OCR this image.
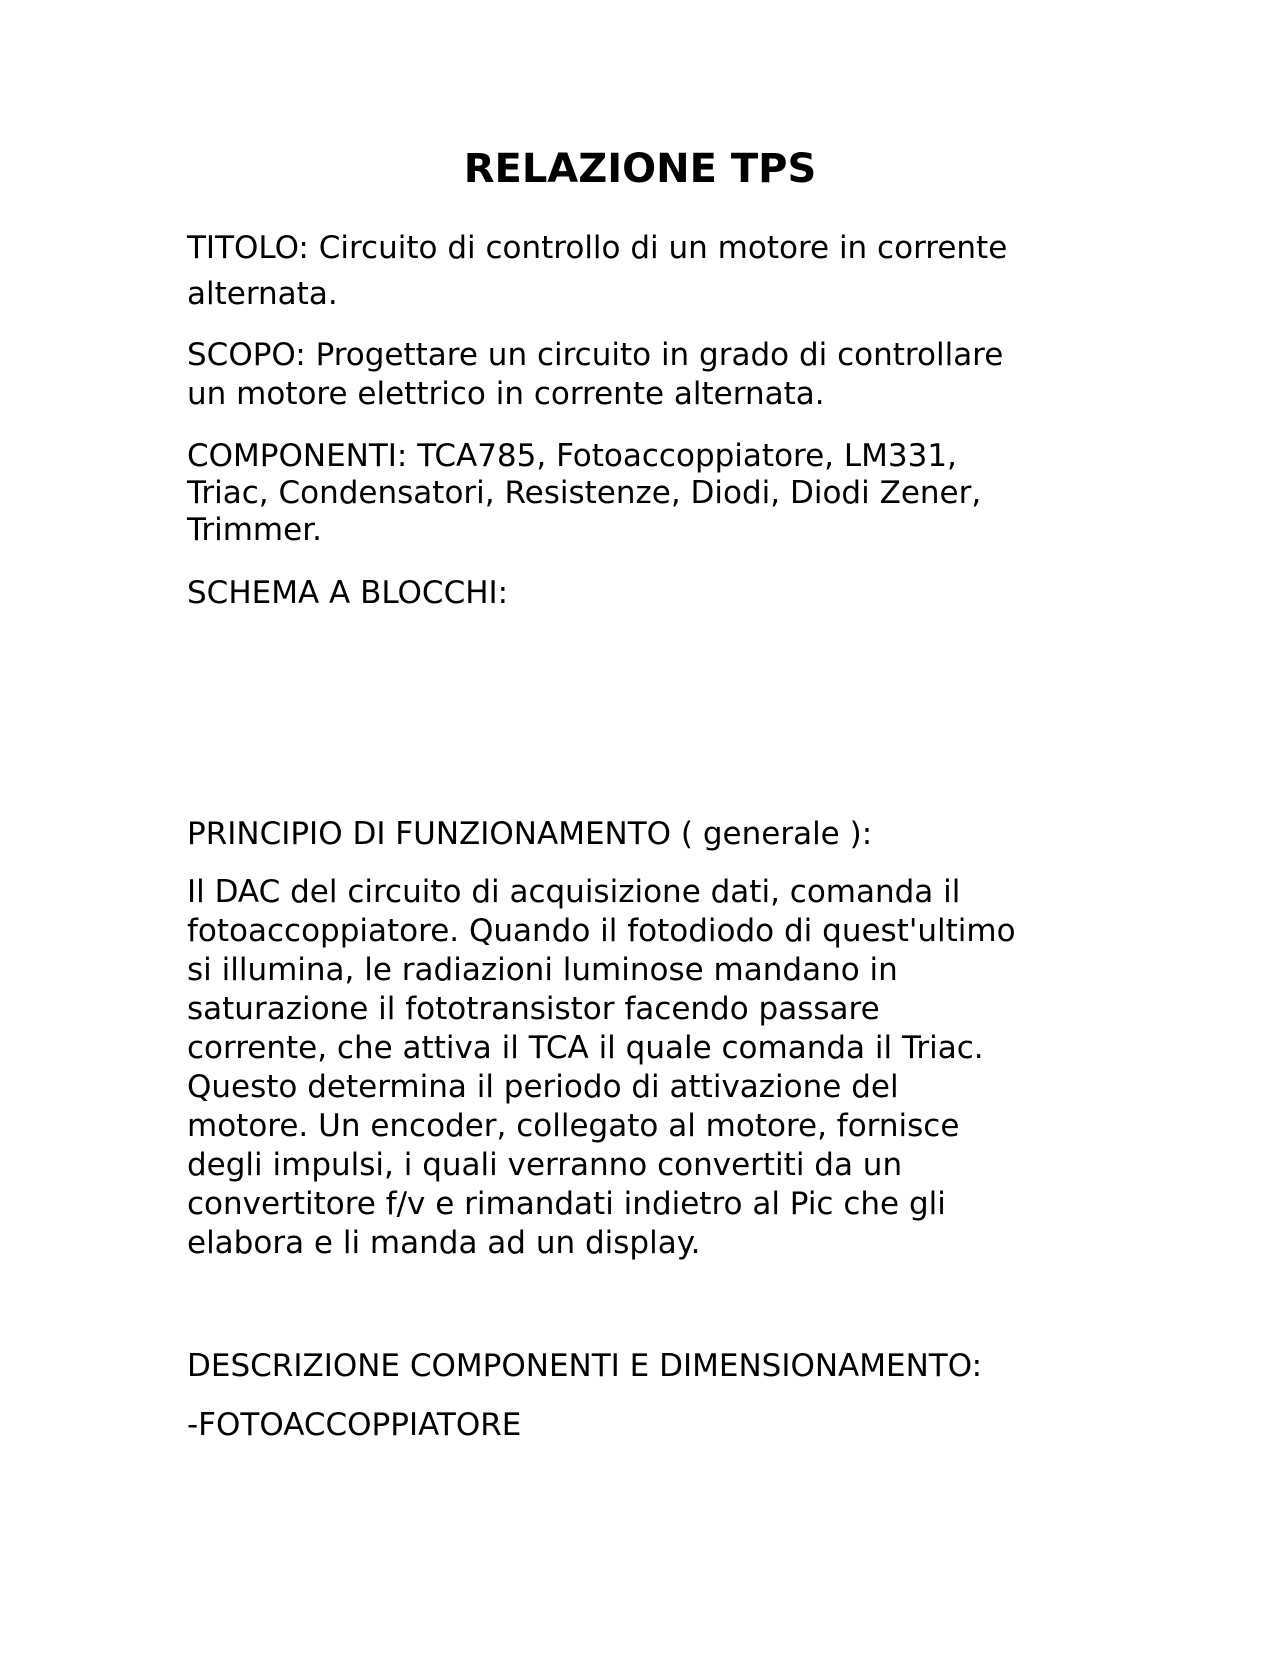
RELAZIONE TPS
TITOLO: Circuito di controllo di un motore in corrente
alternata.
SCOPO: Progettare un circuito in grado di controllare
un motore elettrico in corrente alternata.
COMPONENTI: TCA785, Fotoaccoppiatore, LM331,
Triac, Condensatori, Resistenze, Diodi, Diodi Zener,
Trimmer.
SCHEMA A BLOCCHI:
PRINCIPIO DI FUNZIONAMENTO ( generale ):
Il DAC del circuito di acquisizione dati, comanda il
fotoaccoppiatore. Quando il fotodiodo di quest'ultimo
si illumina, le radiazioni luminose mandano in
saturazione il fototransistor facendo passare
corrente, che attiva il TCA il quale comanda il Triac.
Questo determina il periodo di attivazione del
motore. Un encoder, collegato al motore, fornisce
degli impulsi, i quali verranno convertiti da un
convertitore f/v e rimandati indietro al Pic che gli
elabora e li manda ad un display.
DESCRIZIONE COMPONENTI E DIMENSIONAMENTO:
-FOTOACCOPPIATORE
